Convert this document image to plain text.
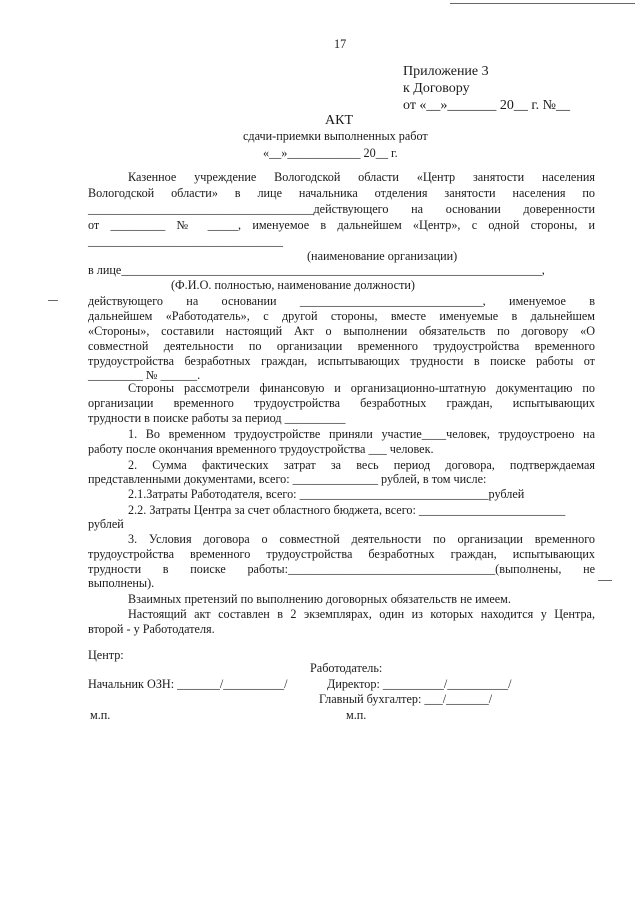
17
Приложение 3
к Договору
от «__»_______ 20__ г. №__
АКТ
сдачи-приемки выполненных работ
«__»____________ 20__ г.
Казенное учреждение Вологодской области «Центр занятости населения
Вологодской области» в лице начальника отделения занятости населения по
_____________________________________действующего на основании доверенности
от _________ № _____, именуемое в дальнейшем «Центр», с одной стороны, и
________________________________
(наименование организации)
в лице_____________________________________________________________________,
(Ф.И.О. полностью, наименование должности)
действующего на основании ______________________________, именуемое в
дальнейшем «Работодатель», с другой стороны, вместе именуемые в дальнейшем
«Стороны», составили настоящий Акт о выполнении обязательств по договору «О
совместной деятельности по организации временного трудоустройства временного
трудоустройства безработных граждан, испытывающих трудности в поиске работы от
_________ № ______.
Стороны рассмотрели финансовую и организационно-штатную документацию по
организации временного трудоустройства безработных граждан, испытывающих
трудности в поиске работы за период __________
1. Во временном трудоустройстве приняли участие____человек, трудоустроено на
работу после окончания временного трудоустройства ___ человек.
2. Сумма фактических затрат за весь период договора, подтверждаемая
представленными документами, всего: ______________ рублей, в том числе:
2.1.Затраты Работодателя, всего: _______________________________рублей
2.2. Затраты Центра за счет областного бюджета, всего: ________________________
рублей
3. Условия договора о совместной деятельности по организации временного
трудоустройства временного трудоустройства безработных граждан, испытывающих
трудности в поиске работы:__________________________________(выполнены, не
выполнены).
Взаимных претензий по выполнению договорных обязательств не имеем.
Настоящий акт составлен в 2 экземплярах, один из которых находится у Центра,
второй - у Работодателя.
Центр:
Работодатель:
Начальник ОЗН: _______/__________/	Директор: __________/__________/
Главный бухгалтер: ___/_______/
м.п.	м.п.
